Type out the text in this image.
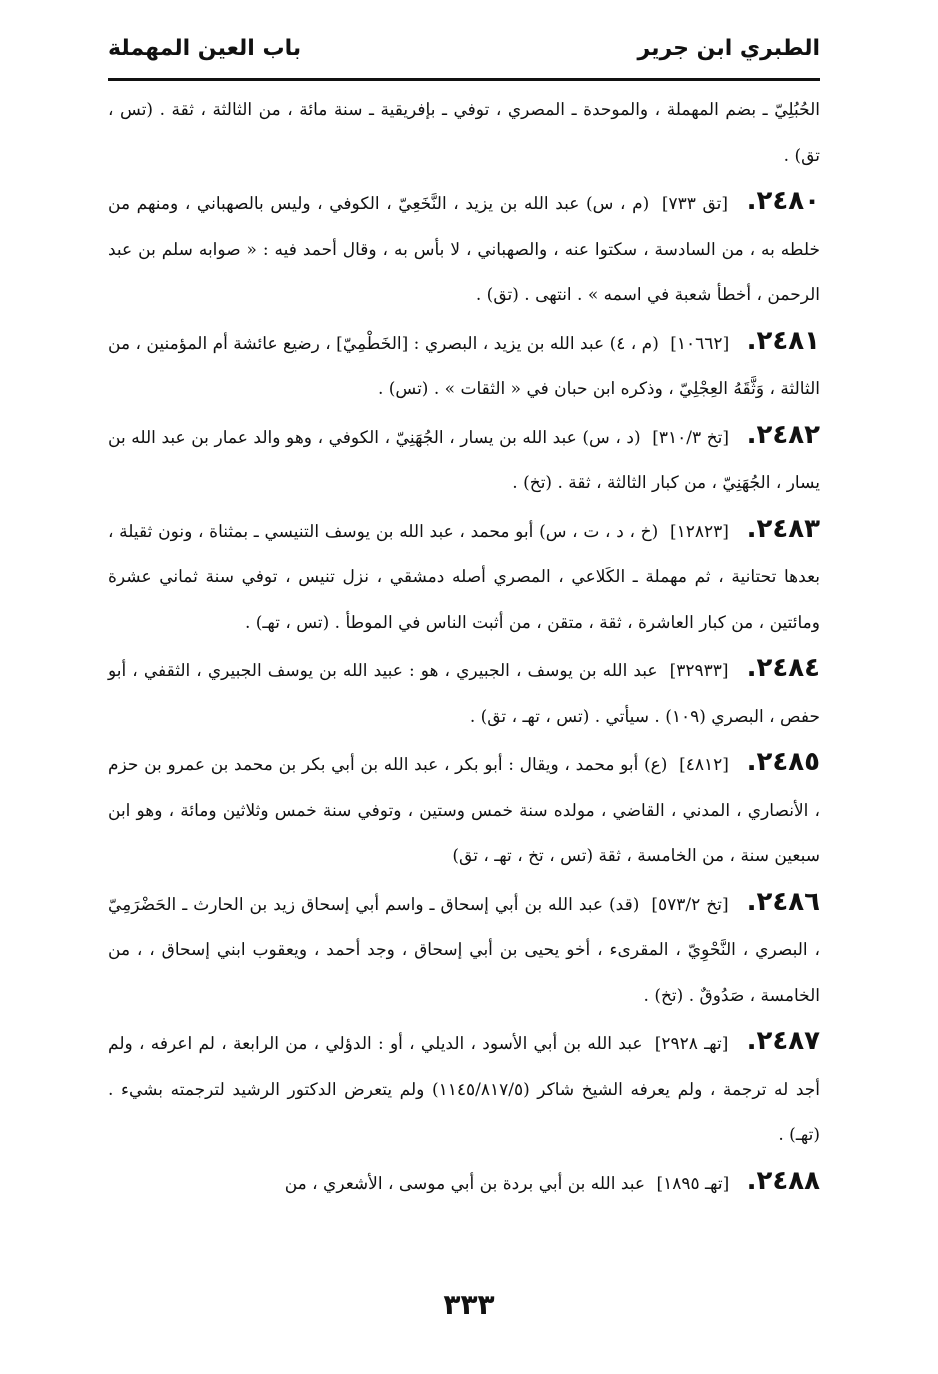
الطبري ابن جرير
باب العين المهملة

الحُبُلِيّ ـ بضم المهملة ، والموحدة ـ المصري ، توفي ـ بإفريقية ـ سنة مائة ، من الثالثة ، ثقة . (تس ، تق) .

٢٤٨٠. [تق ٧٣٣] (م ، س) عبد الله بن يزيد ، النَّخَعِيّ ، الكوفي ، وليس بالصهباني ، ومنهم من خلطه به ، من السادسة ، سكتوا عنه ، والصهباني ، لا بأس به ، وقال أحمد فيه : « صوابه سلم بن عبد الرحمن ، أخطأ شعبة في اسمه » . انتهى . (تق) .

٢٤٨١. [١٠٦٦٢] (م ، ٤) عبد الله بن يزيد ، البصري : [الخَطْمِيّ] ، رضيع عائشة أم المؤمنين ، من الثالثة ، وَثَّقَهُ العِجْلِيّ ، وذكره ابن حبان في « الثقات » . (تس) .

٢٤٨٢. [تخ ٣١٠/٣] (د ، س) عبد الله بن يسار ، الجُهَنِيّ ، الكوفي ، وهو والد عمار بن عبد الله بن يسار ، الجُهَنِيّ ، من كبار الثالثة ، ثقة . (تخ) .

٢٤٨٣. [١٢٨٢٣] (خ ، د ، ت ، س) أبو محمد ، عبد الله بن يوسف التنيسي ـ بمثناة ، ونون ثقيلة ، بعدها تحتانية ، ثم مهملة ـ الكَلاعي ، المصري أصله دمشقي ، نزل تنيس ، توفي سنة ثماني عشرة ومائتين ، من كبار العاشرة ، ثقة ، متقن ، من أثبت الناس في الموطأ . (تس ، تهـ) .

٢٤٨٤. [٣٢٩٣٣] عبد الله بن يوسف ، الجبيري ، هو : عبيد الله بن يوسف الجبيري ، الثقفي ، أبو حفص ، البصري (١٠٩) . سيأتي . (تس ، تهـ ، تق) .

٢٤٨٥. [٤٨١٢] (ع) أبو محمد ، ويقال : أبو بكر ، عبد الله بن أبي بكر بن محمد بن عمرو بن حزم ، الأنصاري ، المدني ، القاضي ، مولده سنة خمس وستين ، وتوفي سنة خمس وثلاثين ومائة ، وهو ابن سبعين سنة ، من الخامسة ، ثقة (تس ، تخ ، تهـ ، تق)

٢٤٨٦. [تخ ٥٧٣/٢] (قد) عبد الله بن أبي إسحاق ـ واسم أبي إسحاق زيد بن الحارث ـ الحَضْرَمِيّ ، البصري ، النَّحْوِيّ ، المقرىء ، أخو يحيى بن أبي إسحاق ، وجد أحمد ، ويعقوب ابني إسحاق ، ، من الخامسة ، صَدُوقٌ . (تخ) .

٢٤٨٧. [تهـ ٢٩٢٨] عبد الله بن أبي الأسود ، الديلي ، أو : الدؤلي ، من الرابعة ، لم اعرفه ، ولم أجد له ترجمة ، ولم يعرفه الشيخ شاكر (١١٤٥/٨١٧/٥) ولم يتعرض الدكتور الرشيد لترجمته بشيء . (تهـ) .

٢٤٨٨. [تهـ ١٨٩٥] عبد الله بن أبي بردة بن أبي موسى ، الأشعري ، من

٣٣٣
